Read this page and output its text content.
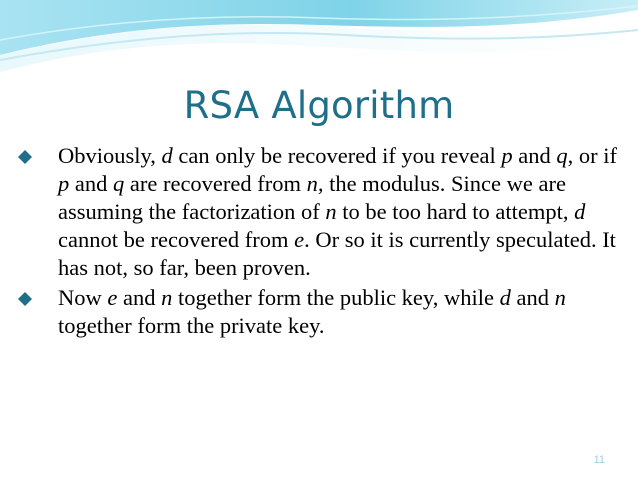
RSA Algorithm
Obviously, d can only be recovered if you reveal p and q, or if p and q are recovered from n, the modulus. Since we are assuming the factorization of n to be too hard to attempt, d cannot be recovered from e. Or so it is currently speculated. It has not, so far, been proven.
Now e and n together form the public key, while d and n together form the private key.
11
